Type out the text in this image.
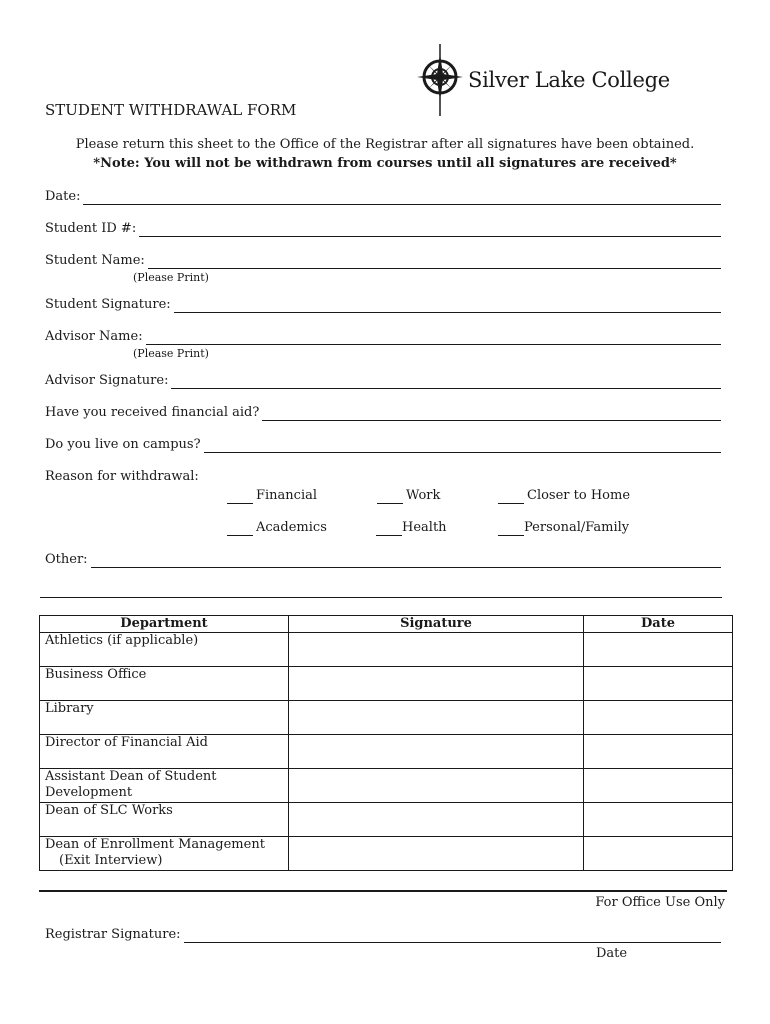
Silver Lake College
STUDENT WITHDRAWAL FORM
Please return this sheet to the Office of the Registrar after all signatures have been obtained.
*Note: You will not be withdrawn from courses until all signatures are received*
Date:
Student ID #:
Student Name:
(Please Print)
Student Signature:
Advisor Name:
(Please Print)
Advisor Signature:
Have you received financial aid?
Do you live on campus?
Reason for withdrawal:
Financial	Work	Closer to Home
Academics	Health	Personal/Family
Other:
Department	Signature	Date
Athletics (if applicable)		
Business Office		
Library		
Director of Financial Aid		
Assistant Dean of Student Development		
Dean of SLC Works		
Dean of Enrollment Management
(Exit Interview)		

For Office Use Only
Registrar Signature:
Date
